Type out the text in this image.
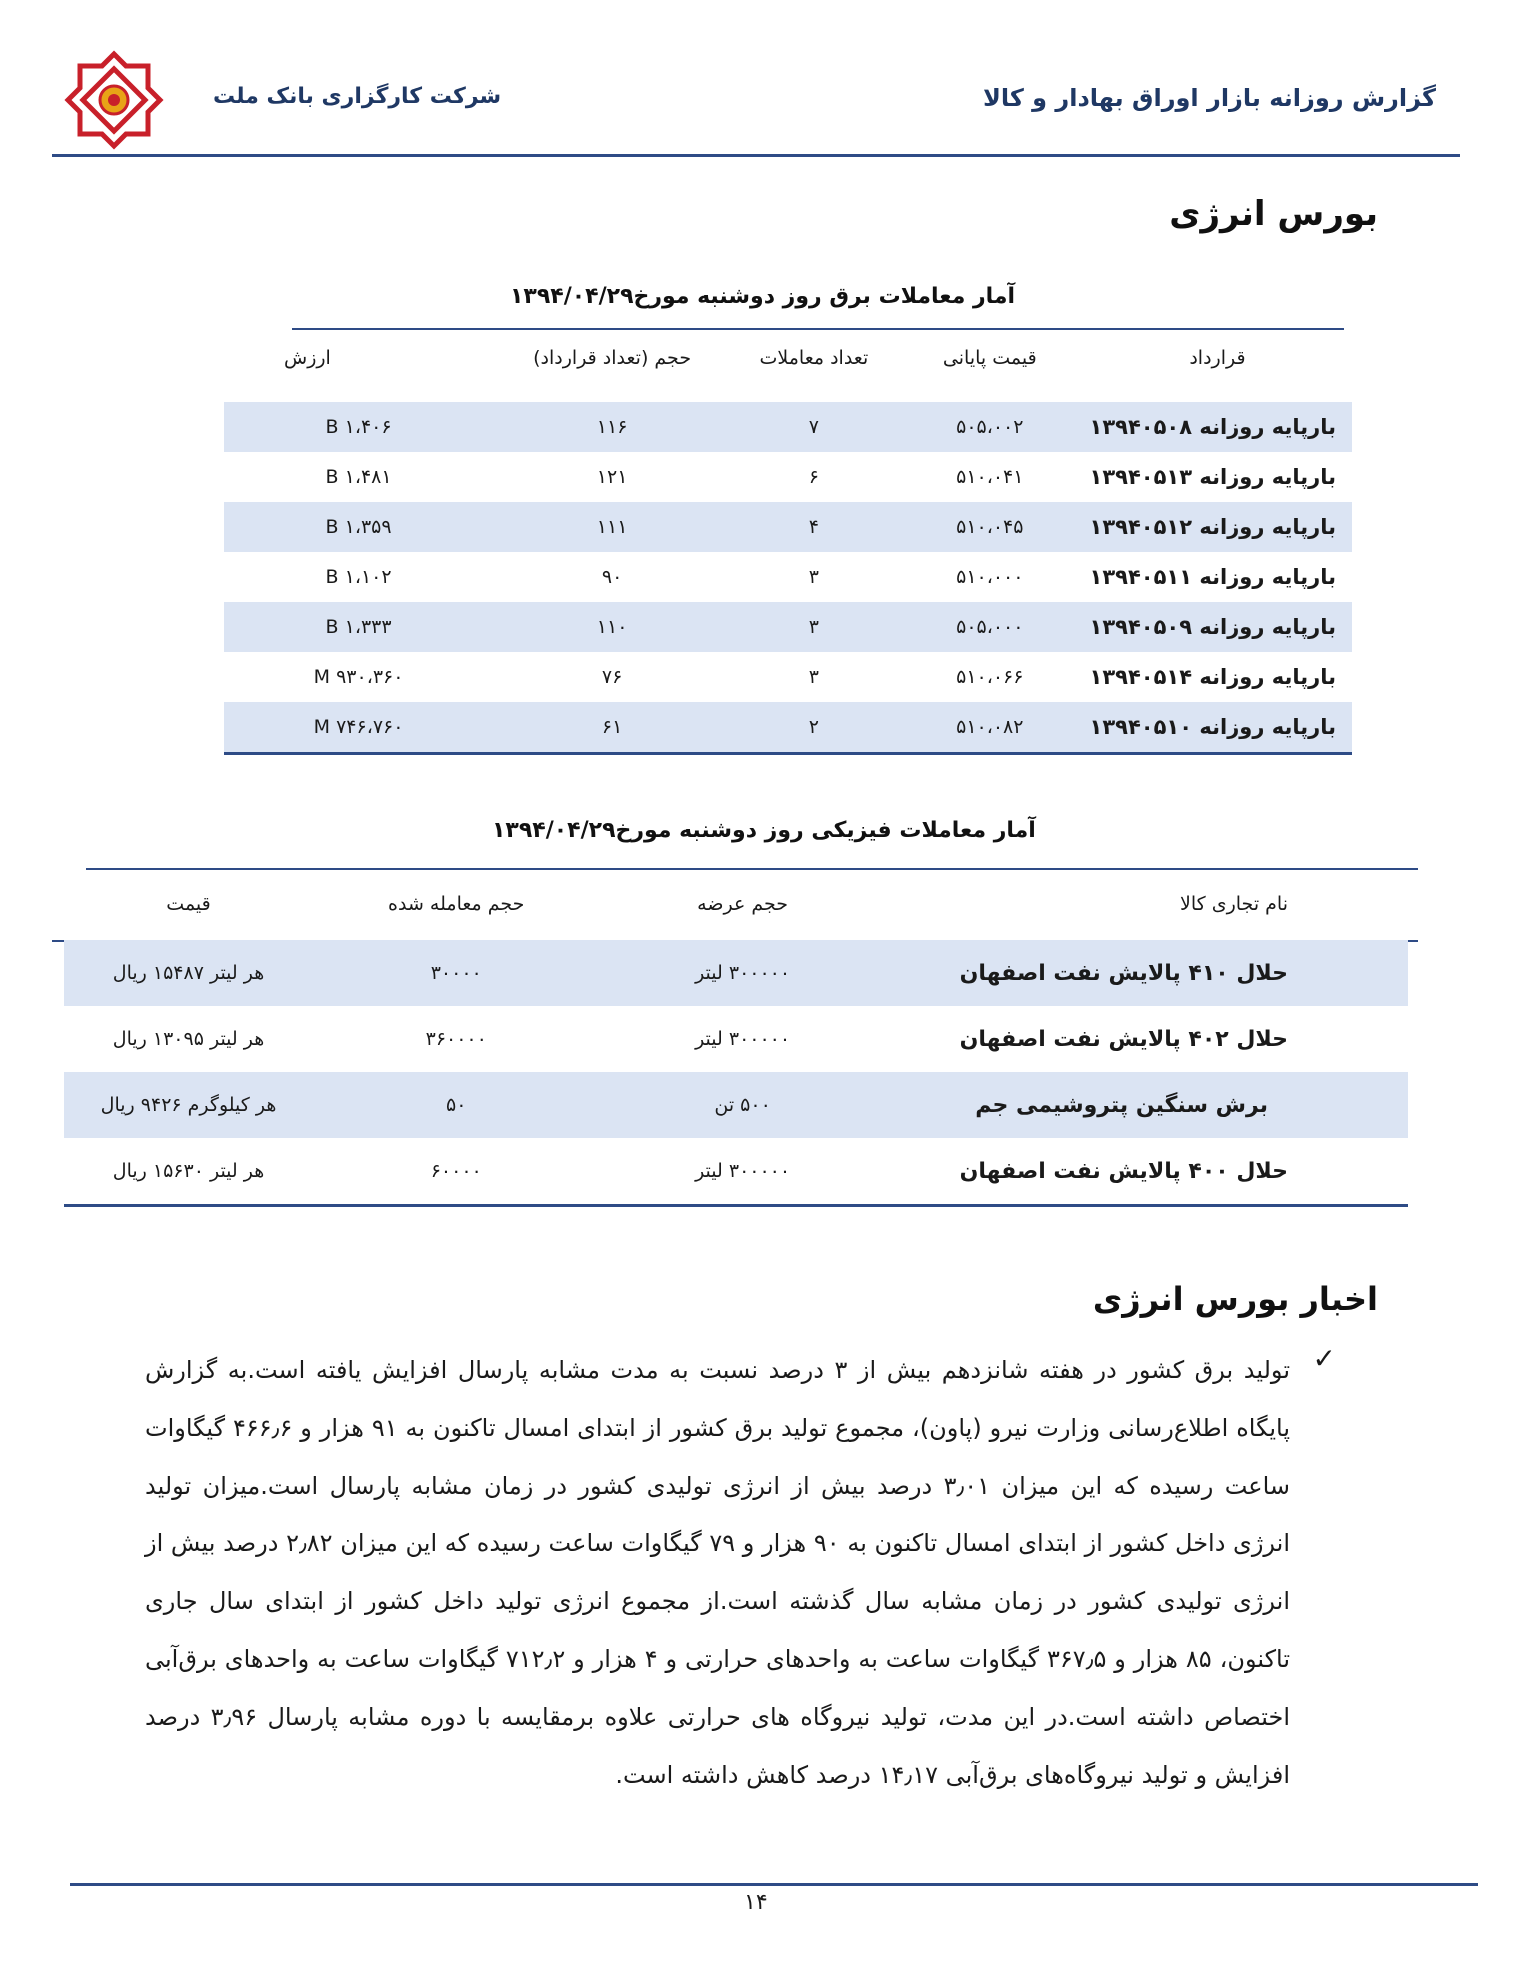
شرکت کارگزاری بانک ملت	گزارش روزانه بازار اوراق بهادار و کالا
بورس انرژی
آمار معاملات برق روز دوشنبه مورخ۱۳۹۴/۰۴/۲۹
قرارداد	قیمت پایانی	تعداد معاملات	حجم (تعداد قرارداد)	ارزش

بارپایه روزانه ۱۳۹۴۰۵۰۸	۵۰۵،۰۰۲	۷	۱۱۶	۱،۴۰۶ B
بارپایه روزانه ۱۳۹۴۰۵۱۳	۵۱۰،۰۴۱	۶	۱۲۱	۱،۴۸۱ B
بارپایه روزانه ۱۳۹۴۰۵۱۲	۵۱۰،۰۴۵	۴	۱۱۱	۱،۳۵۹ B
بارپایه روزانه ۱۳۹۴۰۵۱۱	۵۱۰،۰۰۰	۳	۹۰	۱،۱۰۲ B
بارپایه روزانه ۱۳۹۴۰۵۰۹	۵۰۵،۰۰۰	۳	۱۱۰	۱،۳۳۳ B
بارپایه روزانه ۱۳۹۴۰۵۱۴	۵۱۰،۰۶۶	۳	۷۶	۹۳۰،۳۶۰ M
بارپایه روزانه ۱۳۹۴۰۵۱۰	۵۱۰،۰۸۲	۲	۶۱	۷۴۶،۷۶۰ M
آمار معاملات فیزیکی روز دوشنبه مورخ۱۳۹۴/۰۴/۲۹
نام تجاری کالا	حجم عرضه	حجم معامله شده	قیمت
حلال ۴۱۰ پالایش نفت اصفهان	۳۰۰۰۰۰ لیتر	۳۰۰۰۰	هر لیتر ۱۵۴۸۷ ریال
حلال ۴۰۲ پالایش نفت اصفهان	۳۰۰۰۰۰ لیتر	۳۶۰۰۰۰	هر لیتر ۱۳۰۹۵ ریال
برش سنگین پتروشیمی جم	۵۰۰ تن	۵۰	هر کیلوگرم ۹۴۲۶ ریال
حلال ۴۰۰ پالایش نفت اصفهان	۳۰۰۰۰۰ لیتر	۶۰۰۰۰	هر لیتر ۱۵۶۳۰ ریال
اخبار بورس انرژی
✓
تولید برق کشور در هفته شانزدهم بیش از ۳ درصد نسبت به مدت مشابه پارسال افزایش یافته است.به گزارش پایگاه اطلاع‌رسانی وزارت نیرو (پاون)، مجموع تولید برق کشور از ابتدای امسال تاکنون به ۹۱ هزار و ۴۶۶٫۶ گیگاوات ساعت رسیده که این میزان ۳٫۰۱ درصد بیش از انرژی تولیدی کشور در زمان مشابه پارسال است.میزان تولید انرژی داخل کشور از ابتدای امسال تاکنون به ۹۰ هزار و ۷۹ گیگاوات ساعت رسیده که این میزان ۲٫۸۲ درصد بیش از انرژی تولیدی کشور در زمان مشابه سال گذشته است.از مجموع انرژی تولید داخل کشور از ابتدای سال جاری تاکنون، ۸۵ هزار و ۳۶۷٫۵ گیگاوات ساعت به واحدهای حرارتی و ۴ هزار و ۷۱۲٫۲ گیگاوات ساعت به واحدهای برق‌آبی اختصاص داشته است.در این مدت، تولید نیروگاه های حرارتی علاوه برمقایسه با دوره مشابه پارسال ۳٫۹۶ درصد افزایش و تولید نیروگاه‌های برق‌آبی ۱۴٫۱۷ درصد کاهش داشته است.
۱۴
